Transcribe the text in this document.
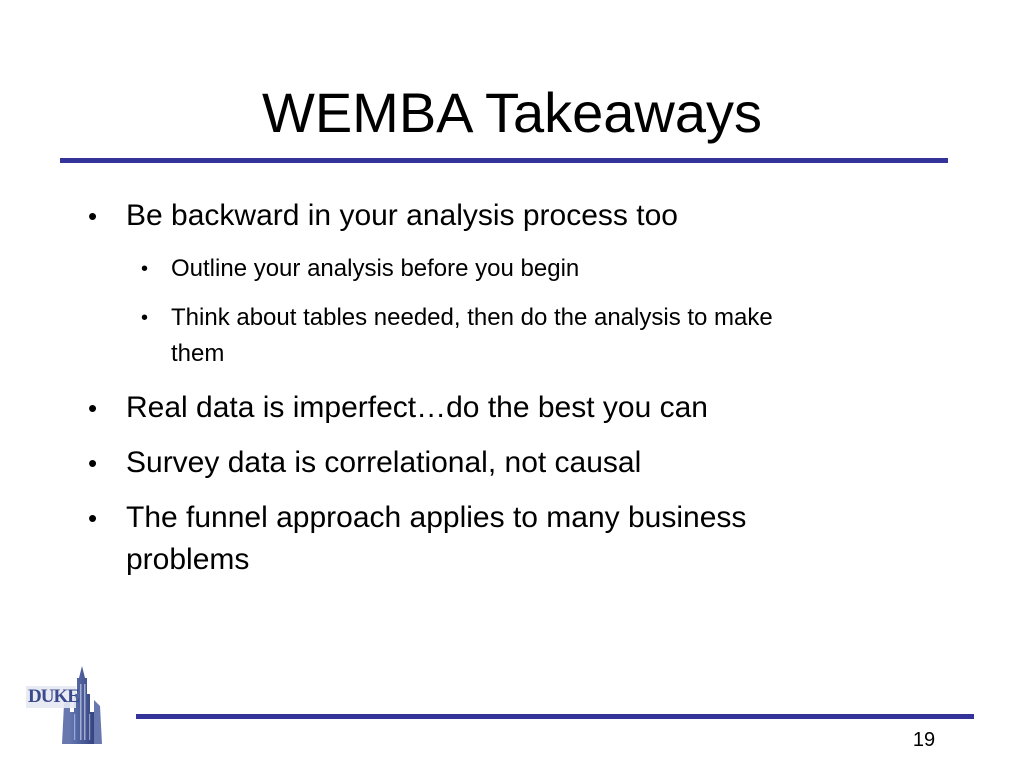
WEMBA Takeaways
• Be backward in your analysis process too
• Outline your analysis before you begin
• Think about tables needed, then do the analysis to make
them
• Real data is imperfect…do the best you can
• Survey data is correlational, not causal
• The funnel approach applies to many business
problems
DUKE
19
